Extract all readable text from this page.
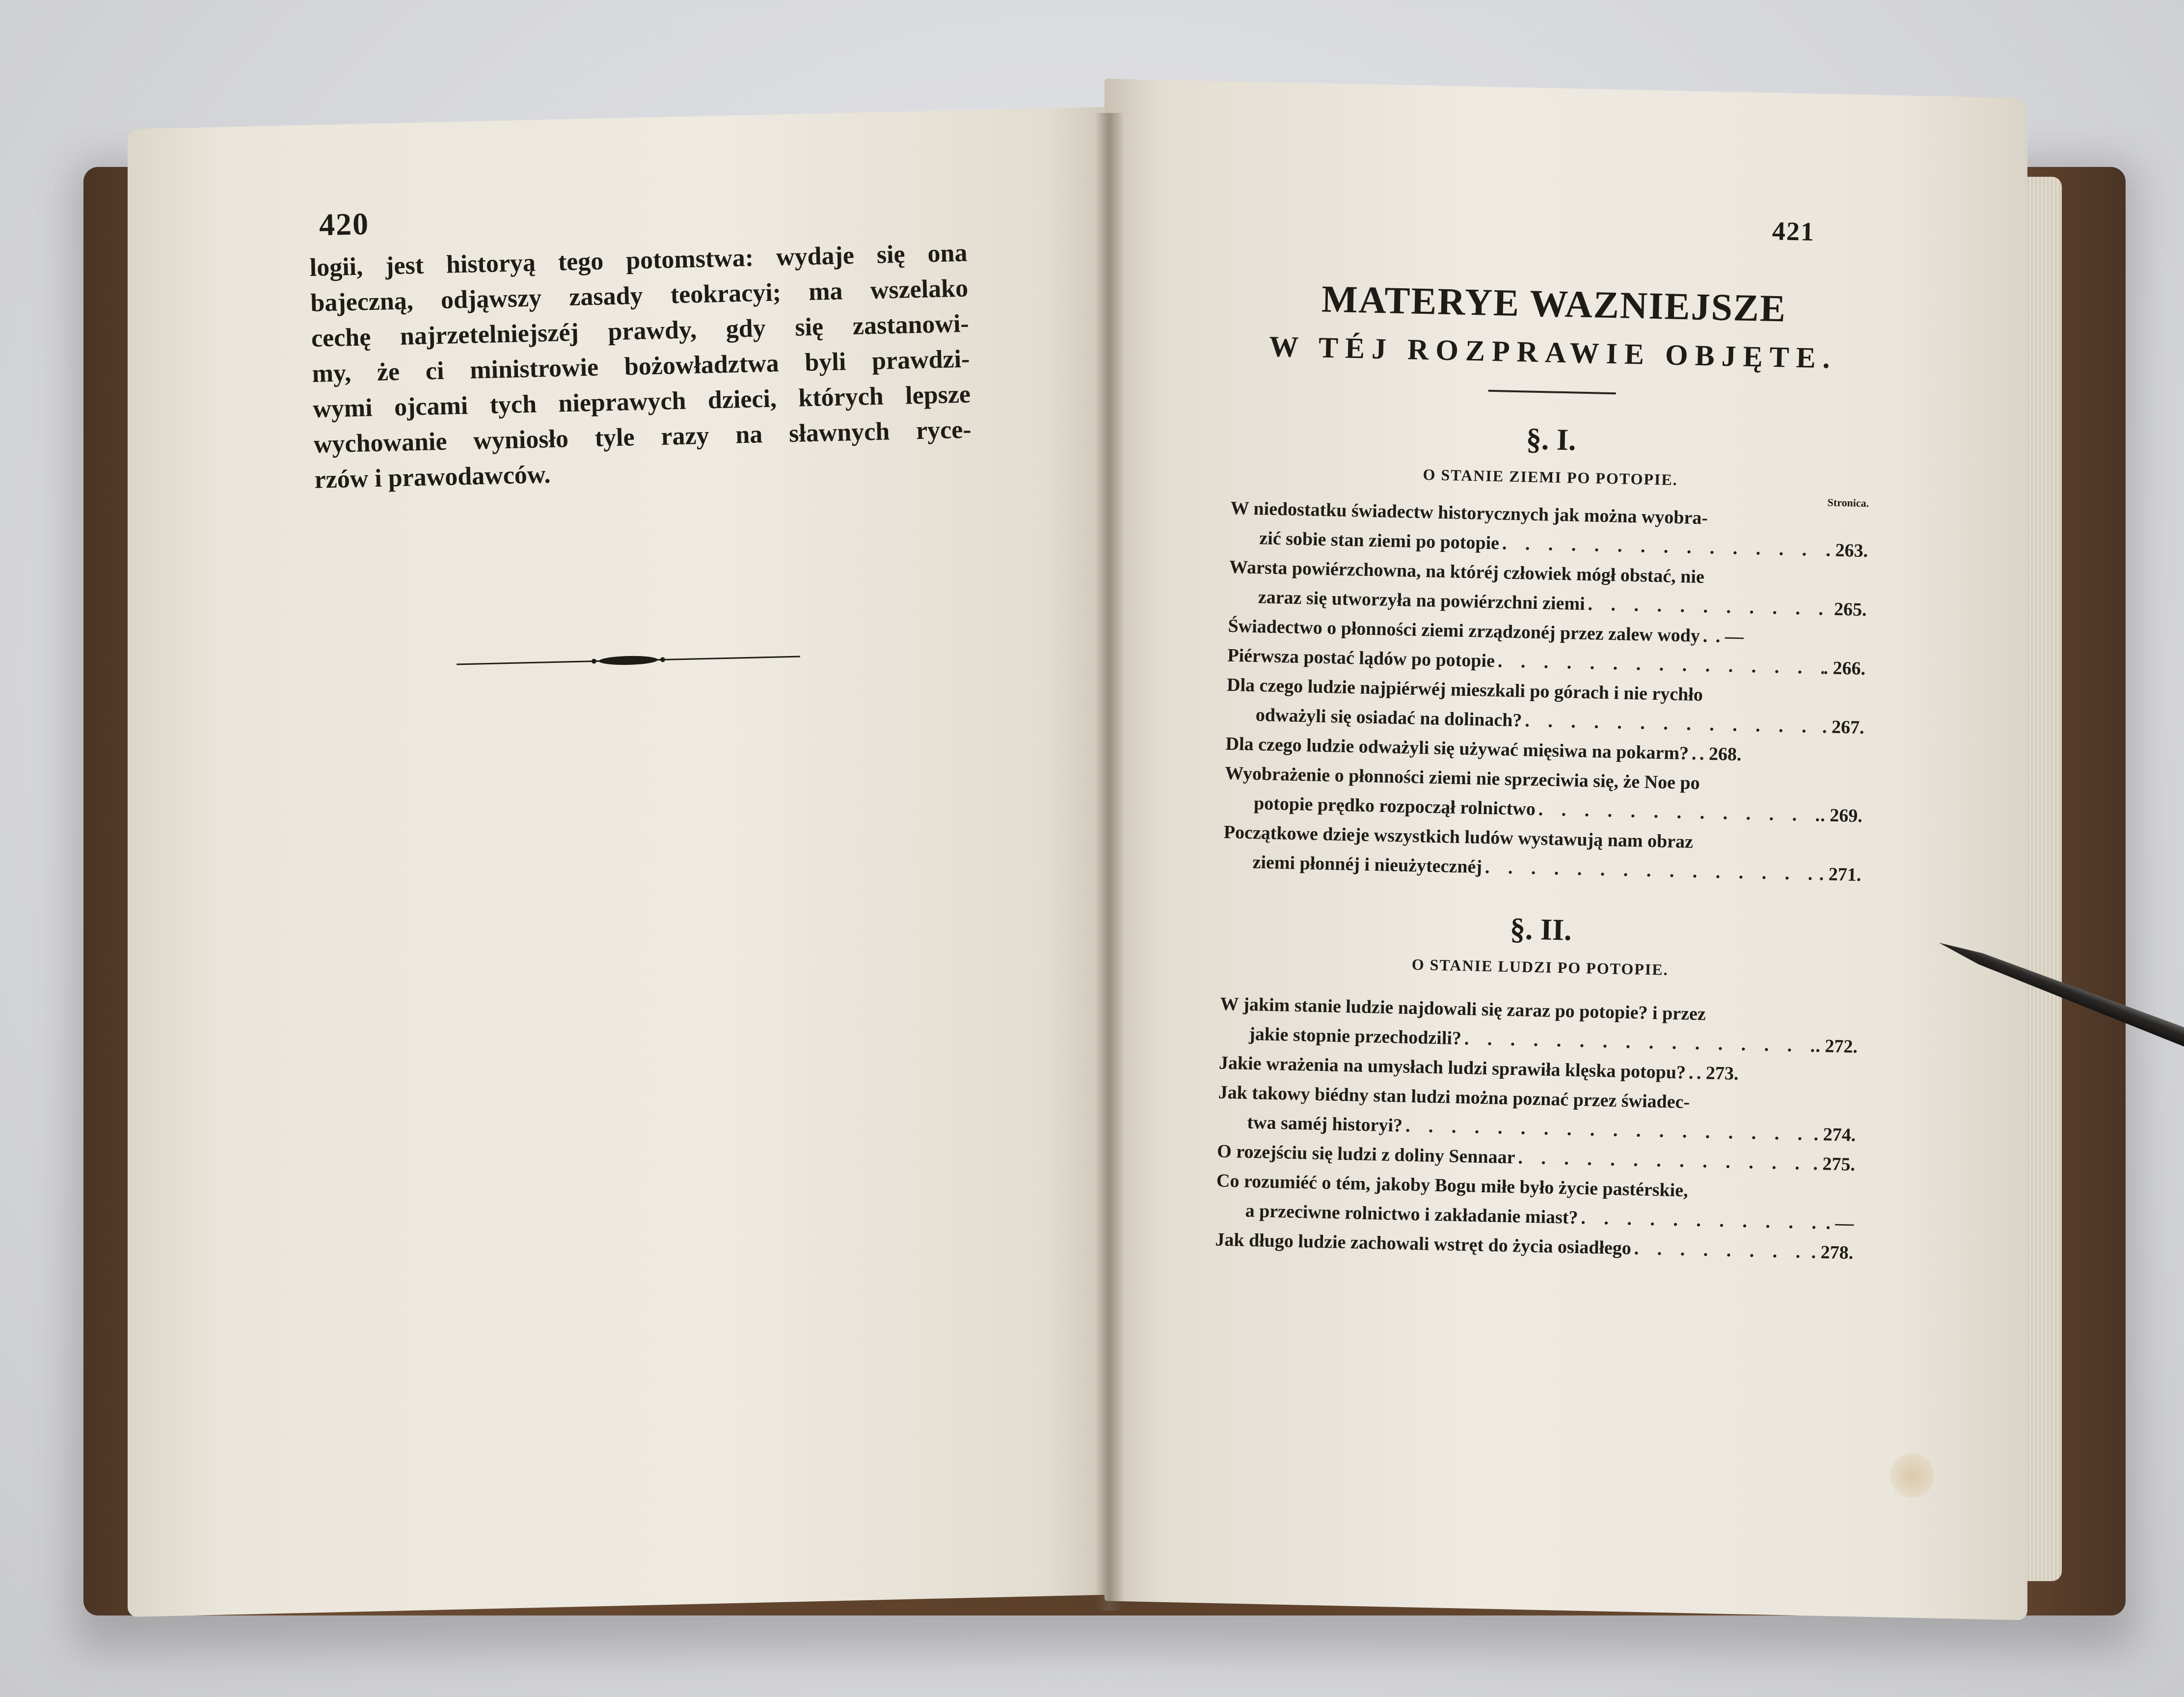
420
logii, jest historyą tego potomstwa: wydaje się ona
bajeczną, odjąwszy zasady teokracyi; ma wszelako
cechę najrzetelniejszéj prawdy, gdy się zastanowi-
my, że ci ministrowie bożowładztwa byli prawdzi-
wymi ojcami tych nieprawych dzieci, których lepsze
wychowanie wyniosło tyle razy na sławnych ryce-
rzów i prawodawców.
421
MATERYE WAZNIEJSZE
W TÉJ ROZPRAWIE OBJĘTE.
§. I.
O STANIE ZIEMI PO POTOPIE.
Stronica.
W niedostatku świadectw historycznych jak można wyobra-
zić sobie stan ziemi po potopie . . .	. 263.
Warsta powiérzchowna, na któréj człowiek mógł obstać, nie
zaraz się utworzyła na powiérzchni ziemi . . .	265.
Świadectwo o płonności ziemi zrządzonéj przez zalew wody . . . . —
Piérwsza postać lądów po potopie . . .	. 266.
Dla czego ludzie najpiérwéj mieszkali po górach i nie rychło
odważyli się osiadać na dolinach? . . .	. 267.
Dla czego ludzie odważyli się używać mięsiwa na pokarm? . . . . 268.
Wyobrażenie o płonności ziemi nie sprzeciwia się, że Noe po
potopie prędko rozpoczął rolnictwo . . .	. 269.
Początkowe dzieje wszystkich ludów wystawują nam obraz
ziemi płonnéj i nieużytecznéj . . .	. 271.
§. II.
O STANIE LUDZI PO POTOPIE.
W jakim stanie ludzie najdowali się zaraz po potopie? i przez
jakie stopnie przechodzili? . . .	. 272.
Jakie wrażenia na umysłach ludzi sprawiła klęska potopu? . . . . 273.
Jak takowy biédny stan ludzi można poznać przez świadec-
twa saméj historyi? . . .	. 274.
O rozejściu się ludzi z doliny Sennaar . . .	. 275.
Co rozumiéć o tém, jakoby Bogu miłe było życie pastérskie,
a przeciwne rolnictwo i zakładanie miast? . . .	. —
Jak długo ludzie zachowali wstręt do życia osiadłego . . .	. 278.
